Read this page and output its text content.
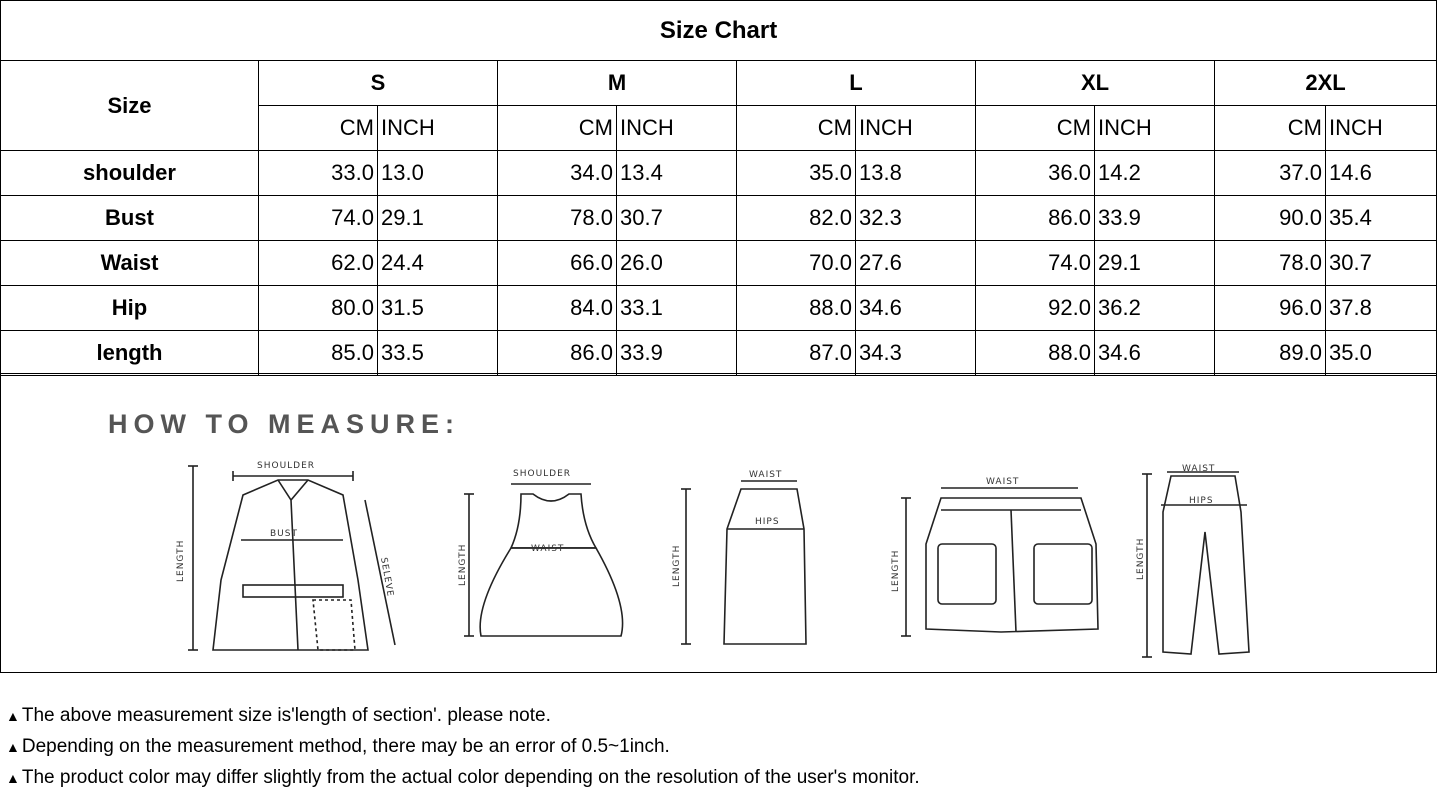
Size Chart										
Size	S		M		L		XL		2XL	
	CM	INCH	CM	INCH	CM	INCH	CM	INCH	CM	INCH
shoulder	33.0	13.0	34.0	13.4	35.0	13.8	36.0	14.2	37.0	14.6
Bust	74.0	29.1	78.0	30.7	82.0	32.3	86.0	33.9	90.0	35.4
Waist	62.0	24.4	66.0	26.0	70.0	27.6	74.0	29.1	78.0	30.7
Hip	80.0	31.5	84.0	33.1	88.0	34.6	92.0	36.2	96.0	37.8
length	85.0	33.5	86.0	33.9	87.0	34.3	88.0	34.6	89.0	35.0
HOW TO MEASURE:
LENGTH
SHOULDER
BUST
SELEVE	LENGTH
SHOULDER
WAIST	LENGTH
WAIST
HIPS
LENGTH
WAIST
LENGTH
WAIST
HIPS
▲ The above measurement size is'length of section'. please note.
▲ Depending on the measurement method, there may be an error of 0.5~1inch.
▲ The product color may differ slightly from the actual color depending on the resolution of the user's monitor.
